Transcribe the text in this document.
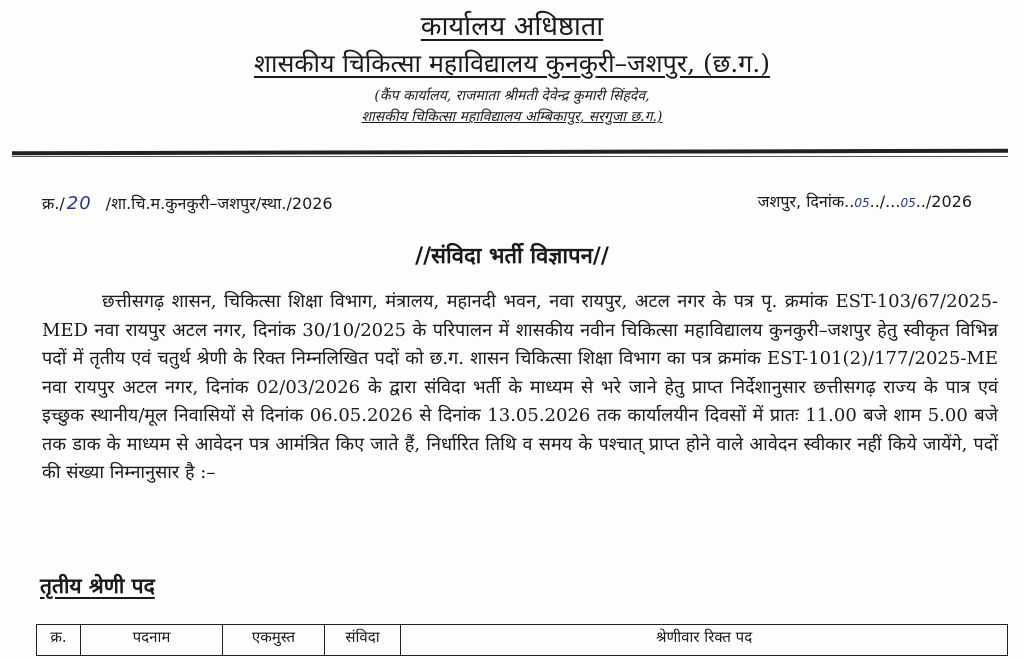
कार्यालय अधिष्ठाता
शासकीय चिकित्सा महाविद्यालय कुनकुरी–जशपुर, (छ.ग.)
(कैंप कार्यालय, राजमाता श्रीमती देवेन्द्र कुमारी सिंहदेव,
शासकीय चिकित्सा महाविद्यालय अम्बिकापुर, सरगुजा छ.ग.)
क्र./ 20 /शा.चि.म.कुनकुरी–जशपुर/स्था./2026	जशपुर, दिनांक..05../...05../2026
//संविदा भर्ती विज्ञापन//

छत्तीसगढ़ शासन, चिकित्सा शिक्षा विभाग, मंत्रालय, महानदी भवन, नवा रायपुर, अटल नगर के पत्र पृ. क्रमांक EST-103/67/2025-MED नवा रायपुर अटल नगर, दिनांक 30/10/2025 के परिपालन में शासकीय नवीन चिकित्सा महाविद्यालय कुनकुरी–जशपुर हेतु स्वीकृत विभिन्न पदों में तृतीय एवं चतुर्थ श्रेणी के रिक्त निम्नलिखित पदों को छ.ग. शासन चिकित्सा शिक्षा विभाग का पत्र क्रमांक EST-101(2)/177/2025-ME नवा रायपुर अटल नगर, दिनांक 02/03/2026 के द्वारा संविदा भर्ती के माध्यम से भरे जाने हेतु प्राप्त निर्देशानुसार छत्तीसगढ़ राज्य के पात्र एवं इच्छुक स्थानीय/मूल निवासियों से दिनांक 06.05.2026 से दिनांक 13.05.2026 तक कार्यालयीन दिवसों में प्रातः 11.00 बजे शाम 5.00 बजे तक डाक के माध्यम से आवेदन पत्र आमंत्रित किए जाते हैं, निर्धारित तिथि व समय के पश्चात् प्राप्त होने वाले आवेदन स्वीकार नहीं किये जायेंगे, पदों की संख्या निम्नानुसार है :–

तृतीय श्रेणी पद
क्र.	पदनाम	एकमुस्त	संविदा	श्रेणीवार रिक्त पद
